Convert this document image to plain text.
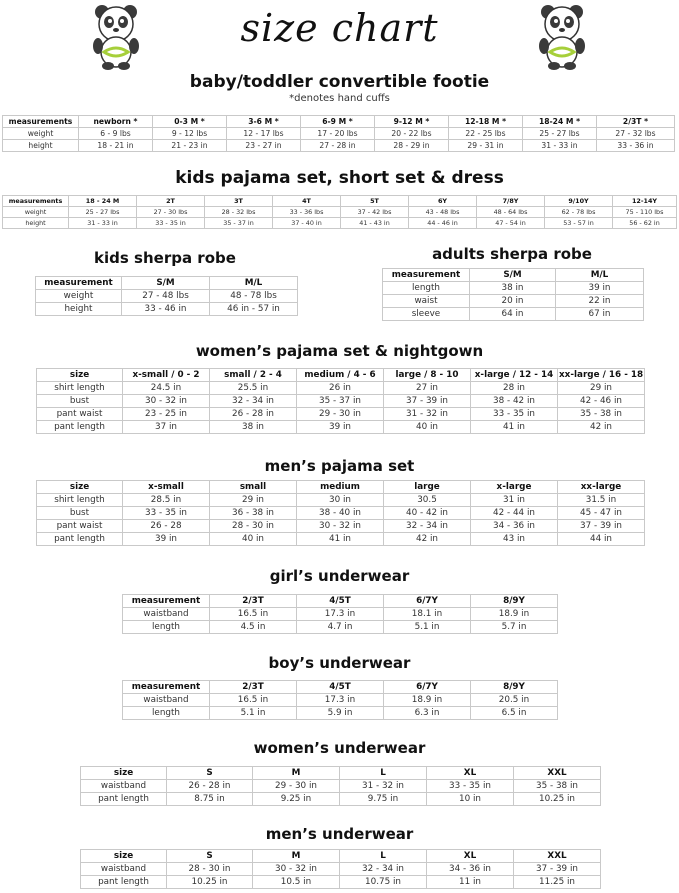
size chart
baby/toddler convertible footie
*denotes hand cuffs
measurements	newborn *	0-3 M *	3-6 M *	6-9 M *	9-12 M *	12-18 M *	18-24 M *	2/3T *
weight	6 - 9 lbs	9 - 12 lbs	12 - 17 lbs	17 - 20 lbs	20 - 22 lbs	22 - 25 lbs	25 - 27 lbs	27 - 32 lbs
height	18 - 21 in	21 - 23 in	23 - 27 in	27 - 28 in	28 - 29 in	29 - 31 in	31 - 33 in	33 - 36 in
kids pajama set, short set & dress
measurements	18 - 24 M	2T	3T	4T	5T	6Y	7/8Y	9/10Y	12-14Y
weight	25 - 27 lbs	27 - 30 lbs	28 - 32 lbs	33 - 36 lbs	37 - 42 lbs	43 - 48 lbs	48 - 64 lbs	62 - 78 lbs	75 - 110 lbs
height	31 - 33 in	33 - 35 in	35 - 37 in	37 - 40 in	41 - 43 in	44 - 46 in	47 - 54 in	53 - 57 in	56 - 62 in
kids sherpa robe
measurement	S/M	M/L
weight	27 - 48 lbs	48 - 78 lbs
height	33 - 46 in	46 in - 57 in
adults sherpa robe
measurement	S/M	M/L
length	38 in	39 in
waist	20 in	22 in
sleeve	64 in	67 in
women’s pajama set & nightgown
size	x-small / 0 - 2	small / 2 - 4	medium / 4 - 6	large / 8 - 10	x-large / 12 - 14	xx-large / 16 - 18
shirt length	24.5 in	25.5 in	26 in	27 in	28 in	29 in
bust	30 - 32 in	32 - 34 in	35 - 37 in	37 - 39 in	38 - 42 in	42 - 46 in
pant waist	23 - 25 in	26 - 28 in	29 - 30 in	31 - 32 in	33 - 35 in	35 - 38 in
pant length	37 in	38 in	39 in	40 in	41 in	42 in
men’s pajama set
size	x-small	small	medium	large	x-large	xx-large
shirt length	28.5 in	29 in	30 in	30.5	31 in	31.5 in
bust	33 - 35 in	36 - 38 in	38 - 40 in	40 - 42 in	42 - 44 in	45 - 47 in
pant waist	26 - 28	28 - 30 in	30 - 32 in	32 - 34 in	34 - 36 in	37 - 39 in
pant length	39 in	40 in	41 in	42 in	43 in	44 in
girl’s underwear
measurement	2/3T	4/5T	6/7Y	8/9Y
waistband	16.5 in	17.3 in	18.1 in	18.9 in
length	4.5 in	4.7 in	5.1 in	5.7 in
boy’s underwear
measurement	2/3T	4/5T	6/7Y	8/9Y
waistband	16.5 in	17.3 in	18.9 in	20.5 in
length	5.1 in	5.9 in	6.3 in	6.5 in
women’s underwear
size	S	M	L	XL	XXL
waistband	26 - 28 in	29 - 30 in	31 - 32 in	33 - 35 in	35 - 38 in
pant length	8.75 in	9.25 in	9.75 in	10 in	10.25 in
men’s underwear
size	S	M	L	XL	XXL
waistband	28 - 30 in	30 - 32 in	32 - 34 in	34 - 36 in	37 - 39 in
pant length	10.25 in	10.5 in	10.75 in	11 in	11.25 in
